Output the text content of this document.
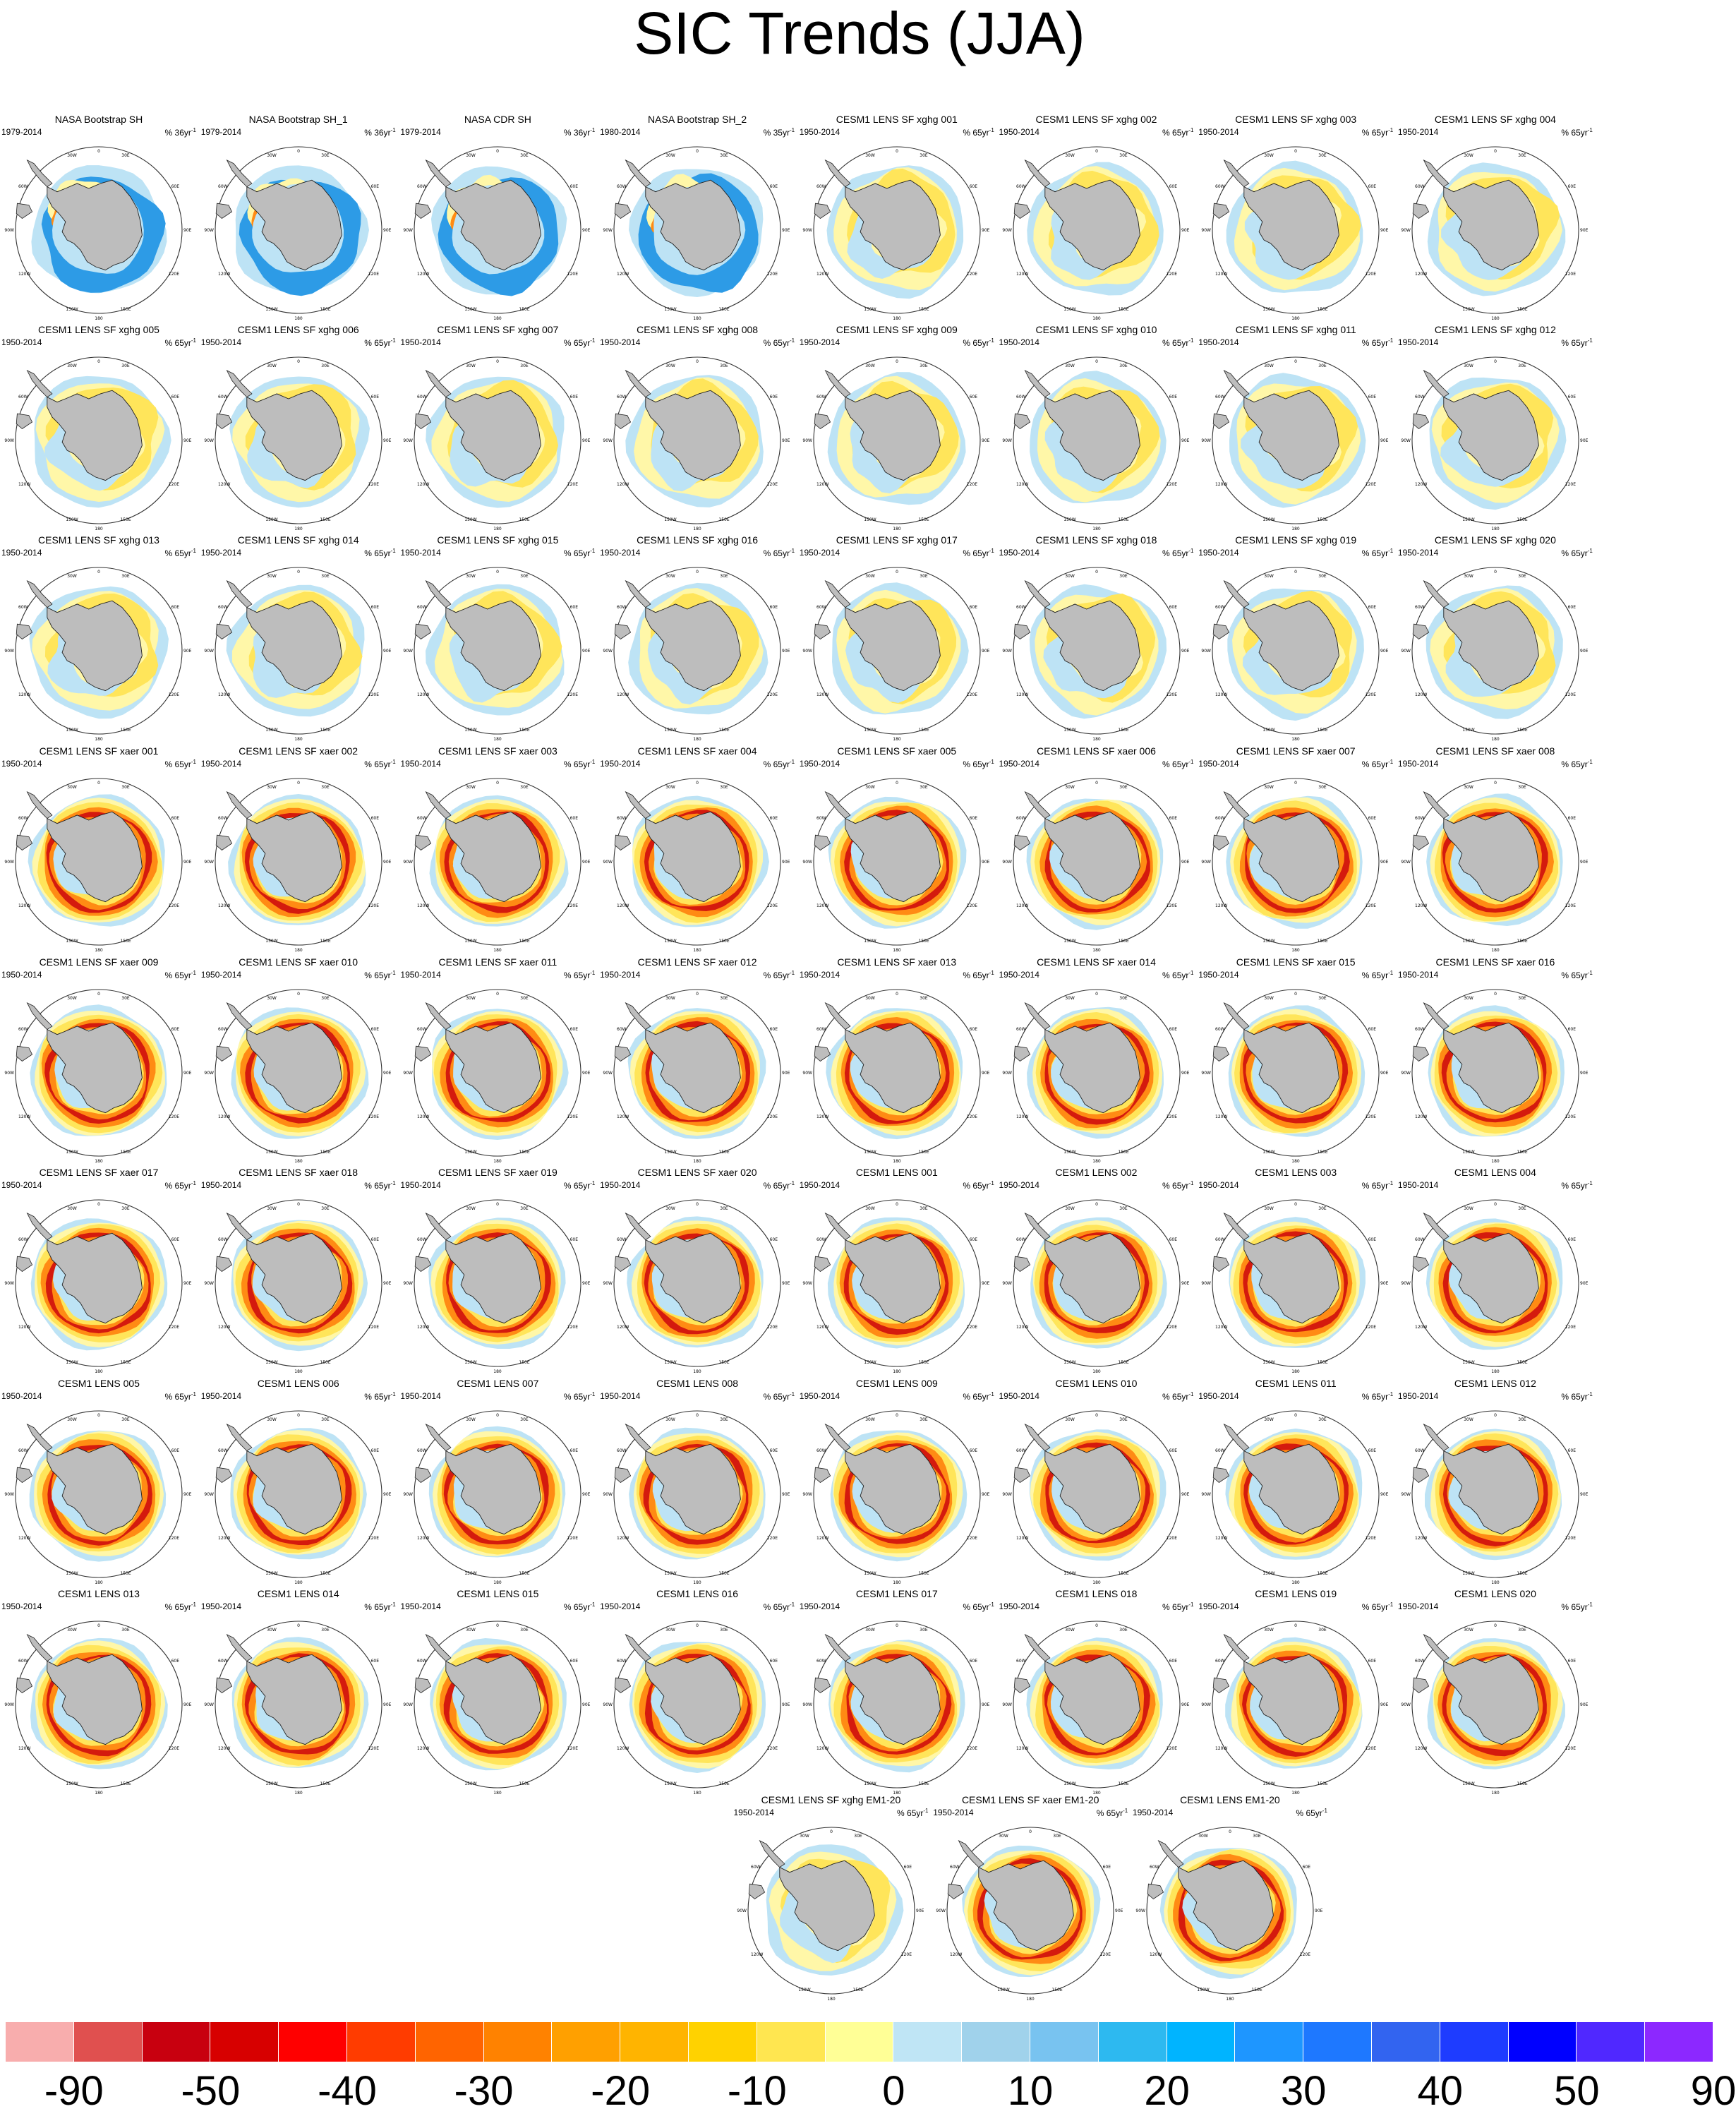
SIC Trends (JJA)
NASA Bootstrap SH
1979-2014	% $36yr^{-1}$
0
180
30W	30E
60W
90W
120W
150W
60E
90E
120E
150E
NASA Bootstrap SH_1
1979-2014	% $36yr^{-1}$
0
180
30W	30E
60W
90W
120W
150W
60E
90E
120E
150E
NASA CDR SH
1979-2014	% $36yr^{-1}$
0
180
30W	30E
60W
90W
120W
150W
60E
90E
120E
150E
NASA Bootstrap SH_2
1980-2014	% $35yr^{-1}$
0
180
30W	30E
60W
90W
120W
150W
60E
90E
120E
150E
CESM1 LENS SF xghg 001
1950-2014	% $65yr^{-1}$
0
180
30W	30E
60W
90W
120W
150W
60E
90E
120E
150E
CESM1 LENS SF xghg 002
1950-2014	% $65yr^{-1}$
0
180
30W	30E
60W
90W
120W
150W
60E
90E
120E
150E
CESM1 LENS SF xghg 003
1950-2014	% $65yr^{-1}$
0
180
30W	30E
60W
90W
120W
150W
60E
90E
120E
150E
CESM1 LENS SF xghg 004
1950-2014	% $65yr^{-1}$
0
180
30W	30E
60W
90W
120W
150W
60E
90E
120E
150E
CESM1 LENS SF xghg 005
1950-2014	% $65yr^{-1}$
0
180
30W	30E
60W
90W
120W
150W
60E
90E
120E
150E
CESM1 LENS SF xghg 006
1950-2014	% $65yr^{-1}$
0
180
30W	30E
60W
90W
120W
150W
60E
90E
120E
150E
CESM1 LENS SF xghg 007
1950-2014	% $65yr^{-1}$
0
180
30W	30E
60W
90W
120W
150W
60E
90E
120E
150E
CESM1 LENS SF xghg 008
1950-2014	% $65yr^{-1}$
0
180
30W	30E
60W
90W
120W
150W
60E
90E
120E
150E
CESM1 LENS SF xghg 009
1950-2014	% $65yr^{-1}$
0
180
30W	30E
60W
90W
120W
150W
60E
90E
120E
150E
CESM1 LENS SF xghg 010
1950-2014	% $65yr^{-1}$
0
180
30W	30E
60W
90W
120W
150W
60E
90E
120E
150E
CESM1 LENS SF xghg 011
1950-2014	% $65yr^{-1}$
0
180
30W	30E
60W
90W
120W
150W
60E
90E
120E
150E
CESM1 LENS SF xghg 012
1950-2014	% $65yr^{-1}$
0
180
30W	30E
60W
90W
120W
150W
60E
90E
120E
150E
CESM1 LENS SF xghg 013
1950-2014	% $65yr^{-1}$
0
180
30W	30E
60W
90W
120W
150W
60E
90E
120E
150E
CESM1 LENS SF xghg 014
1950-2014	% $65yr^{-1}$
0
180
30W	30E
60W
90W
120W
150W
60E
90E
120E
150E
CESM1 LENS SF xghg 015
1950-2014	% $65yr^{-1}$
0
180
30W	30E
60W
90W
120W
150W
60E
90E
120E
150E
CESM1 LENS SF xghg 016
1950-2014	% $65yr^{-1}$
0
180
30W	30E
60W
90W
120W
150W
60E
90E
120E
150E
CESM1 LENS SF xghg 017
1950-2014	% $65yr^{-1}$
0
180
30W	30E
60W
90W
120W
150W
60E
90E
120E
150E
CESM1 LENS SF xghg 018
1950-2014	% $65yr^{-1}$
0
180
30W	30E
60W
90W
120W
150W
60E
90E
120E
150E
CESM1 LENS SF xghg 019
1950-2014	% $65yr^{-1}$
0
180
30W	30E
60W
90W
120W
150W
60E
90E
120E
150E
CESM1 LENS SF xghg 020
1950-2014	% $65yr^{-1}$
0
180
30W	30E
60W
90W
120W
150W
60E
90E
120E
150E
CESM1 LENS SF xaer 001
1950-2014	% $65yr^{-1}$
0
180
30W	30E
60W
90W
120W
150W
60E
90E
120E
150E
CESM1 LENS SF xaer 002
1950-2014	% $65yr^{-1}$
0
180
30W	30E
60W
90W
120W
150W
60E
90E
120E
150E
CESM1 LENS SF xaer 003
1950-2014	% $65yr^{-1}$
0
180
30W	30E
60W
90W
120W
150W
60E
90E
120E
150E
CESM1 LENS SF xaer 004
1950-2014	% $65yr^{-1}$
0
180
30W	30E
60W
90W
120W
150W
60E
90E
120E
150E
CESM1 LENS SF xaer 005
1950-2014	% $65yr^{-1}$
0
180
30W	30E
60W
90W
120W
150W
60E
90E
120E
150E
CESM1 LENS SF xaer 006
1950-2014	% $65yr^{-1}$
0
180
30W	30E
60W
90W
120W
150W
60E
90E
120E
150E
CESM1 LENS SF xaer 007
1950-2014	% $65yr^{-1}$
0
180
30W	30E
60W
90W
120W
150W
60E
90E
120E
150E
CESM1 LENS SF xaer 008
1950-2014	% $65yr^{-1}$
0
180
30W	30E
60W
90W
120W
150W
60E
90E
120E
150E
CESM1 LENS SF xaer 009
1950-2014	% $65yr^{-1}$
0
180
30W	30E
60W
90W
120W
150W
60E
90E
120E
150E
CESM1 LENS SF xaer 010
1950-2014	% $65yr^{-1}$
0
180
30W	30E
60W
90W
120W
150W
60E
90E
120E
150E
CESM1 LENS SF xaer 011
1950-2014	% $65yr^{-1}$
0
180
30W	30E
60W
90W
120W
150W
60E
90E
120E
150E
CESM1 LENS SF xaer 012
1950-2014	% $65yr^{-1}$
0
180
30W	30E
60W
90W
120W
150W
60E
90E
120E
150E
CESM1 LENS SF xaer 013
1950-2014	% $65yr^{-1}$
0
180
30W	30E
60W
90W
120W
150W
60E
90E
120E
150E
CESM1 LENS SF xaer 014
1950-2014	% $65yr^{-1}$
0
180
30W	30E
60W
90W
120W
150W
60E
90E
120E
150E
CESM1 LENS SF xaer 015
1950-2014	% $65yr^{-1}$
0
180
30W	30E
60W
90W
120W
150W
60E
90E
120E
150E
CESM1 LENS SF xaer 016
1950-2014	% $65yr^{-1}$
0
180
30W	30E
60W
90W
120W
150W
60E
90E
120E
150E
CESM1 LENS SF xaer 017
1950-2014	% $65yr^{-1}$
0
180
30W	30E
60W
90W
120W
150W
60E
90E
120E
150E
CESM1 LENS SF xaer 018
1950-2014	% $65yr^{-1}$
0
180
30W	30E
60W
90W
120W
150W
60E
90E
120E
150E
CESM1 LENS SF xaer 019
1950-2014	% $65yr^{-1}$
0
180
30W	30E
60W
90W
120W
150W
60E
90E
120E
150E
CESM1 LENS SF xaer 020
1950-2014	% $65yr^{-1}$
0
180
30W	30E
60W
90W
120W
150W
60E
90E
120E
150E
CESM1 LENS 001
1950-2014	% $65yr^{-1}$
0
180
30W	30E
60W
90W
120W
150W
60E
90E
120E
150E
CESM1 LENS 002
1950-2014	% $65yr^{-1}$
0
180
30W	30E
60W
90W
120W
150W
60E
90E
120E
150E
CESM1 LENS 003
1950-2014	% $65yr^{-1}$
0
180
30W	30E
60W
90W
120W
150W
60E
90E
120E
150E
CESM1 LENS 004
1950-2014	% $65yr^{-1}$
0
180
30W	30E
60W
90W
120W
150W
60E
90E
120E
150E
CESM1 LENS 005
1950-2014	% $65yr^{-1}$
0
180
30W	30E
60W
90W
120W
150W
60E
90E
120E
150E
CESM1 LENS 006
1950-2014	% $65yr^{-1}$
0
180
30W	30E
60W
90W
120W
150W
60E
90E
120E
150E
CESM1 LENS 007
1950-2014	% $65yr^{-1}$
0
180
30W	30E
60W
90W
120W
150W
60E
90E
120E
150E
CESM1 LENS 008
1950-2014	% $65yr^{-1}$
0
180
30W	30E
60W
90W
120W
150W
60E
90E
120E
150E
CESM1 LENS 009
1950-2014	% $65yr^{-1}$
0
180
30W	30E
60W
90W
120W
150W
60E
90E
120E
150E
CESM1 LENS 010
1950-2014	% $65yr^{-1}$
0
180
30W	30E
60W
90W
120W
150W
60E
90E
120E
150E
CESM1 LENS 011
1950-2014	% $65yr^{-1}$
0
180
30W	30E
60W
90W
120W
150W
60E
90E
120E
150E
CESM1 LENS 012
1950-2014	% $65yr^{-1}$
0
180
30W	30E
60W
90W
120W
150W
60E
90E
120E
150E
CESM1 LENS 013
1950-2014	% $65yr^{-1}$
0
180
30W	30E
60W
90W
120W
150W
60E
90E
120E
150E
CESM1 LENS 014
1950-2014	% $65yr^{-1}$
0
180
30W	30E
60W
90W
120W
150W
60E
90E
120E
150E
CESM1 LENS 015
1950-2014	% $65yr^{-1}$
0
180
30W	30E
60W
90W
120W
150W
60E
90E
120E
150E
CESM1 LENS 016
1950-2014	% $65yr^{-1}$
0
180
30W	30E
60W
90W
120W
150W
60E
90E
120E
150E
CESM1 LENS 017
1950-2014	% $65yr^{-1}$
0
180
30W	30E
60W
90W
120W
150W
60E
90E
120E
150E
CESM1 LENS 018
1950-2014	% $65yr^{-1}$
0
180
30W	30E
60W
90W
120W
150W
60E
90E
120E
150E
CESM1 LENS 019
1950-2014	% $65yr^{-1}$
0
180
30W	30E
60W
90W
120W
150W
60E
90E
120E
150E
CESM1 LENS 020
1950-2014	% $65yr^{-1}$
0
180
30W	30E
60W
90W
120W
150W
60E
90E
120E
150E
CESM1 LENS SF xghg EM1-20
1950-2014	% $65yr^{-1}$
0
180
30W	30E
60W
90W
120W
150W
60E
90E
120E
150E
CESM1 LENS SF xaer EM1-20
1950-2014	% $65yr^{-1}$
0
180
30W	30E
60W
90W
120W
150W
60E
90E
120E
150E
CESM1 LENS EM1-20
1950-2014	% $65yr^{-1}$
0
180
30W	30E
60W
90W
120W
150W
60E
90E
120E
150E
-90 -50 -40 -30 -20 -10 0	10 20 30 40 50 90
